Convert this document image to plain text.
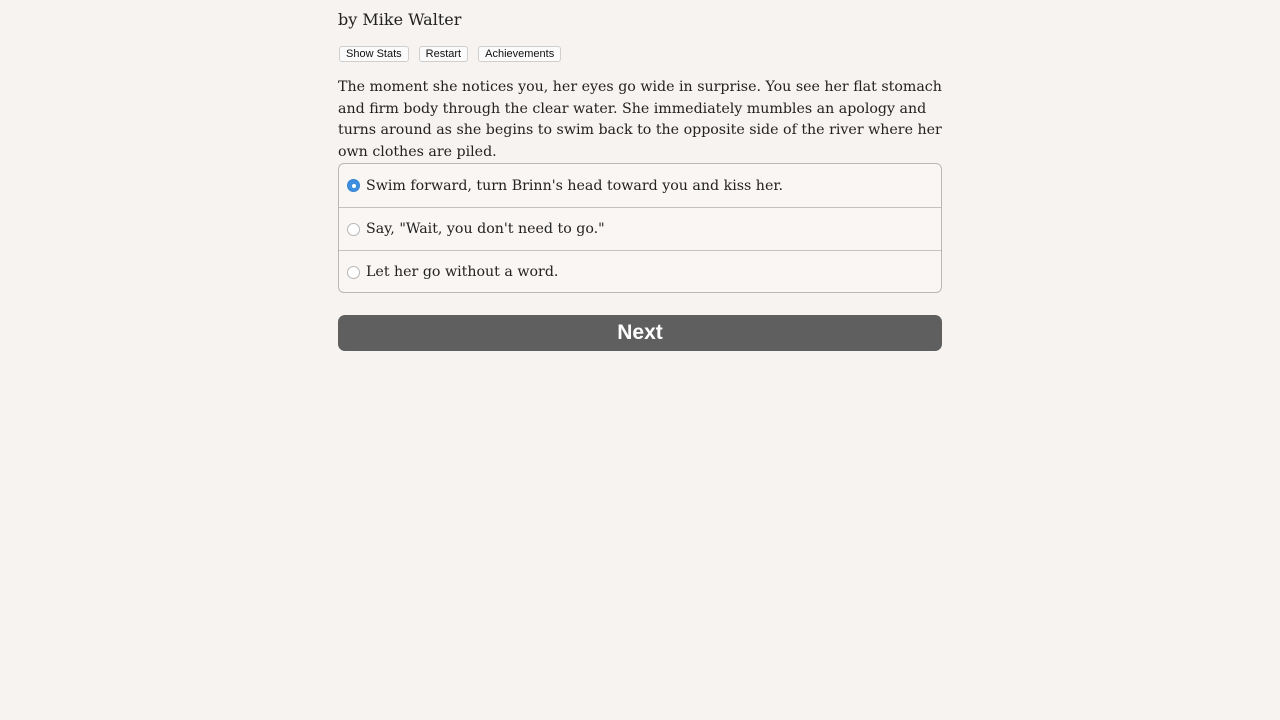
by Mike Walter

Show Stats	Restart	Achievements

The moment she notices you, her eyes go wide in surprise. You see her flat stomach and firm body through the clear water. She immediately mumbles an apology and turns around as she begins to swim back to the opposite side of the river where her own clothes are piled.

Swim forward, turn Brinn's head toward you and kiss her.
Say, "Wait, you don't need to go."
Let her go without a word.
Next
